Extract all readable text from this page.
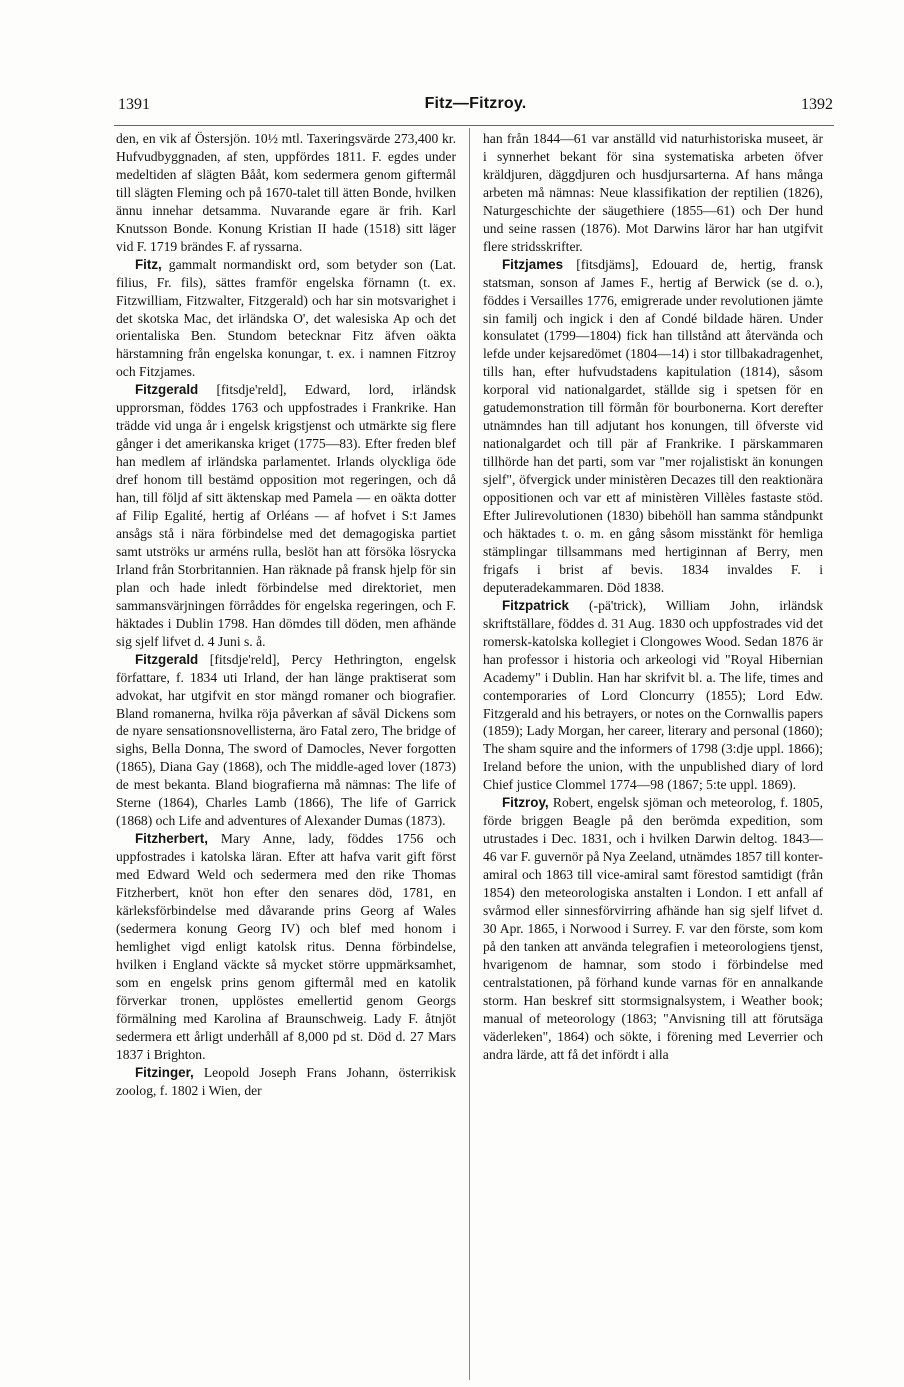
1391	Fitz—Fitzroy.	1392

den, en vik af Östersjön. 10½ mtl. Taxeringsvärde 273,400 kr. Hufvudbyggnaden, af sten, uppfördes 1811. F. egdes under medeltiden af slägten Bååt, kom sedermera genom giftermål till slägten Fleming och på 1670-talet till ätten Bonde, hvilken ännu innehar detsamma. Nuvarande egare är frih. Karl Knutsson Bonde. Konung Kristian II hade (1518) sitt läger vid F. 1719 brändes F. af ryssarna.

Fitz, gammalt normandiskt ord, som betyder son (Lat. filius, Fr. fils), sättes framför engelska förnamn (t. ex. Fitzwilliam, Fitzwalter, Fitzgerald) och har sin motsvarighet i det skotska Mac, det irländska O', det walesiska Ap och det orientaliska Ben. Stundom betecknar Fitz äfven oäkta härstamning från engelska konungar, t. ex. i namnen Fitzroy och Fitzjames.

Fitzgerald [fitsdje'reld], Edward, lord, irländsk upprorsman, föddes 1763 och uppfostrades i Frankrike. Han trädde vid unga år i engelsk krigstjenst och utmärkte sig flere gånger i det amerikanska kriget (1775—83). Efter freden blef han medlem af irländska parlamentet. Irlands olyckliga öde dref honom till bestämd opposition mot regeringen, och då han, till följd af sitt äktenskap med Pamela — en oäkta dotter af Filip Egalité, hertig af Orléans — af hofvet i S:t James ansågs stå i nära förbindelse med det demagogiska partiet samt utströks ur arméns rulla, beslöt han att försöka lösrycka Irland från Storbritannien. Han räknade på fransk hjelp för sin plan och hade inledt förbindelse med direktoriet, men sammansvärjningen förråddes för engelska regeringen, och F. häktades i Dublin 1798. Han dömdes till döden, men afhände sig sjelf lifvet d. 4 Juni s. å.

Fitzgerald [fitsdje'reld], Percy Hethrington, engelsk författare, f. 1834 uti Irland, der han länge praktiserat som advokat, har utgifvit en stor mängd romaner och biografier. Bland romanerna, hvilka röja påverkan af såväl Dickens som de nyare sensationsnovellisterna, äro Fatal zero, The bridge of sighs, Bella Donna, The sword of Damocles, Never forgotten (1865), Diana Gay (1868), och The middle-aged lover (1873) de mest bekanta. Bland biografierna må nämnas: The life of Sterne (1864), Charles Lamb (1866), The life of Garrick (1868) och Life and adventures of Alexander Dumas (1873).

Fitzherbert, Mary Anne, lady, föddes 1756 och uppfostrades i katolska läran. Efter att hafva varit gift först med Edward Weld och sedermera med den rike Thomas Fitzherbert, knöt hon efter den senares död, 1781, en kärleksförbindelse med dåvarande prins Georg af Wales (sedermera konung Georg IV) och blef med honom i hemlighet vigd enligt katolsk ritus. Denna förbindelse, hvilken i England väckte så mycket större uppmärksamhet, som en engelsk prins genom giftermål med en katolik förverkar tronen, upplöstes emellertid genom Georgs förmälning med Karolina af Braunschweig. Lady F. åtnjöt sedermera ett årligt underhåll af 8,000 pd st. Död d. 27 Mars 1837 i Brighton.

Fitzinger, Leopold Joseph Frans Johann, österrikisk zoolog, f. 1802 i Wien, der

han från 1844—61 var anställd vid naturhistoriska museet, är i synnerhet bekant för sina systematiska arbeten öfver kräldjuren, däggdjuren och husdjursarterna. Af hans många arbeten må nämnas: Neue klassifikation der reptilien (1826), Naturgeschichte der säugethiere (1855—61) och Der hund und seine rassen (1876). Mot Darwins läror har han utgifvit flere stridsskrifter.

Fitzjames [fitsdjäms], Edouard de, hertig, fransk statsman, sonson af James F., hertig af Berwick (se d. o.), föddes i Versailles 1776, emigrerade under revolutionen jämte sin familj och ingick i den af Condé bildade hären. Under konsulatet (1799—1804) fick han tillstånd att återvända och lefde under kejsaredömet (1804—14) i stor tillbakadragenhet, tills han, efter hufvudstadens kapitulation (1814), såsom korporal vid nationalgardet, ställde sig i spetsen för en gatudemonstration till förmån för bourbonerna. Kort derefter utnämndes han till adjutant hos konungen, till öfverste vid nationalgardet och till pär af Frankrike. I pärskammaren tillhörde han det parti, som var "mer rojalistiskt än konungen sjelf", öfvergick under ministèren Decazes till den reaktionära oppositionen och var ett af ministèren Villèles fastaste stöd. Efter Julirevolutionen (1830) bibehöll han samma ståndpunkt och häktades t. o. m. en gång såsom misstänkt för hemliga stämplingar tillsammans med hertiginnan af Berry, men frigafs i brist af bevis. 1834 invaldes F. i deputeradekammaren. Död 1838.

Fitzpatrick (-pä'trick), William John, irländsk skriftställare, föddes d. 31 Aug. 1830 och uppfostrades vid det romersk-katolska kollegiet i Clongowes Wood. Sedan 1876 är han professor i historia och arkeologi vid "Royal Hibernian Academy" i Dublin. Han har skrifvit bl. a. The life, times and contemporaries of Lord Cloncurry (1855); Lord Edw. Fitzgerald and his betrayers, or notes on the Cornwallis papers (1859); Lady Morgan, her career, literary and personal (1860); The sham squire and the informers of 1798 (3:dje uppl. 1866); Ireland before the union, with the unpublished diary of lord Chief justice Clommel 1774—98 (1867; 5:te uppl. 1869).

Fitzroy, Robert, engelsk sjöman och meteorolog, f. 1805, förde briggen Beagle på den berömda expedition, som utrustades i Dec. 1831, och i hvilken Darwin deltog. 1843—46 var F. guvernör på Nya Zeeland, utnämdes 1857 till konter-amiral och 1863 till vice-amiral samt förestod samtidigt (från 1854) den meteorologiska anstalten i London. I ett anfall af svårmod eller sinnesförvirring afhände han sig sjelf lifvet d. 30 Apr. 1865, i Norwood i Surrey. F. var den förste, som kom på den tanken att använda telegrafien i meteorologiens tjenst, hvarigenom de hamnar, som stodo i förbindelse med centralstationen, på förhand kunde varnas för en annalkande storm. Han beskref sitt stormsignalsystem, i Weather book; manual of meteorology (1863; "Anvisning till att förutsäga väderleken", 1864) och sökte, i förening med Leverrier och andra lärde, att få det infördt i alla
